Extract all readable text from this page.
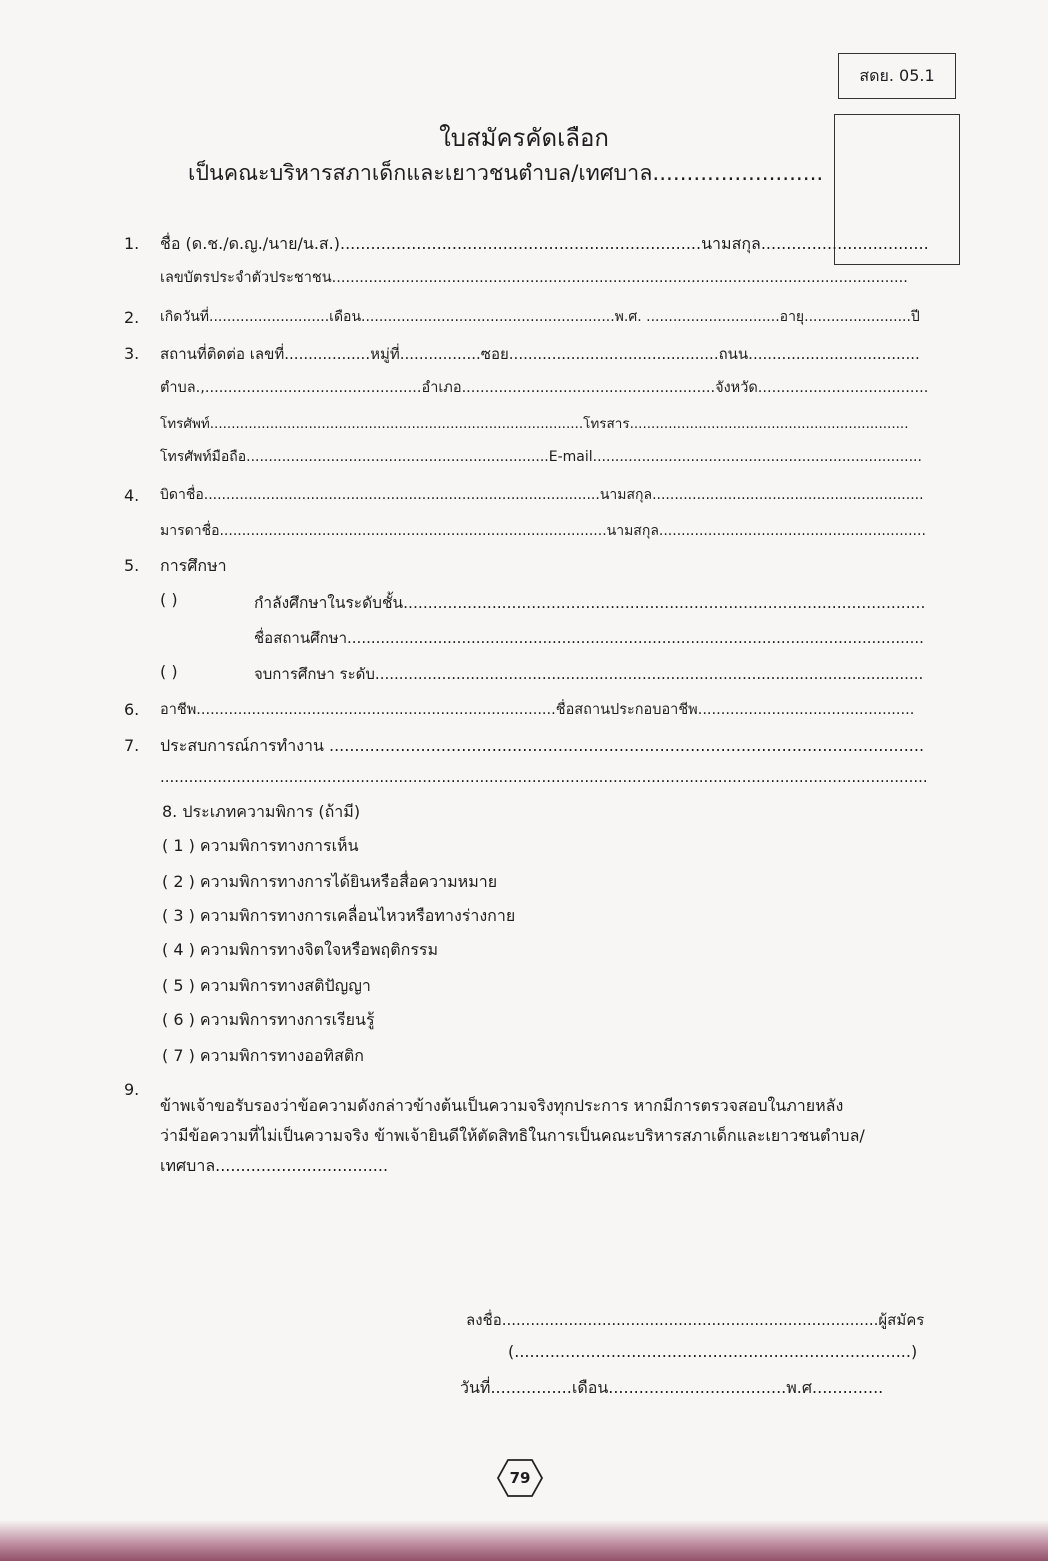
สดย. 05.1
ใบสมัครคัดเลือก
เป็นคณะบริหารสภาเด็กและเยาวชนตำบล/เทศบาล.........................
1. ชื่อ (ด.ช./ด.ญ./นาย/น.ส.).......................................................................นามสกุล.................................
เลขบัตรประจำตัวประชาชน.............................................................................................................................
2. เกิดวันที่...........................เดือน.........................................................พ.ศ. ..............................อายุ........................ปี
3. สถานที่ติดต่อ เลขที่..................หมู่ที่.................ซอย............................................ถนน....................................
ตำบล.,...............................................อำเภอ.......................................................จังหวัด.....................................
โทรศัพท์.......................................................................................โทรสาร.................................................................
โทรศัพท์มือถือ....................................................................E-mail..........................................................................
4. บิดาชื่อ.........................................................................................นามสกุล.............................................................
มารดาชื่อ.......................................................................................นามสกุล............................................................
5. การศึกษา
( )	กำลังศึกษาในระดับชั้น..........................................................................................................
ชื่อสถานศึกษา.........................................................................................................................
( )	จบการศึกษา ระดับ...................................................................................................................
6. อาชีพ..............................................................................ชื่อสถานประกอบอาชีพ...............................................
7. ประสบการณ์การทำงาน .....................................................................................................................
.................................................................................................................................................................
8. ประเภทความพิการ (ถ้ามี)
( 1 ) ความพิการทางการเห็น
( 2 ) ความพิการทางการได้ยินหรือสื่อความหมาย
( 3 ) ความพิการทางการเคลื่อนไหวหรือทางร่างกาย
( 4 ) ความพิการทางจิตใจหรือพฤติกรรม
( 5 ) ความพิการทางสติปัญญา
( 6 ) ความพิการทางการเรียนรู้
( 7 ) ความพิการทางออทิสติก
9.
ข้าพเจ้าขอรับรองว่าข้อความดังกล่าวข้างต้นเป็นความจริงทุกประการ หากมีการตรวจสอบในภายหลัง
ว่ามีข้อความที่ไม่เป็นความจริง ข้าพเจ้ายินดีให้ตัดสิทธิในการเป็นคณะบริหารสภาเด็กและเยาวชนตำบล/
เทศบาล..................................
ลงชื่อ...............................................................................ผู้สมัคร
(..............................................................................)
วันที่................เดือน...................................พ.ศ..............
79
